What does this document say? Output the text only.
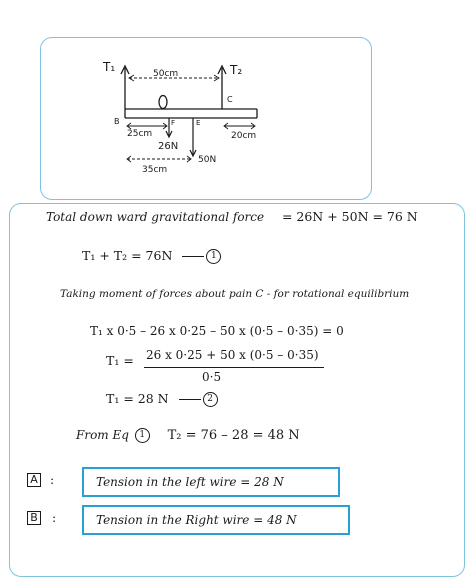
T₁	T₂
50cm
C
B	F	E
25cm	20cm
26N
50N
35cm
Total down ward gravitational force = 26N + 50N = 76 N
T₁ + T₂ = 76N	1
Taking moment of forces about pain C - for rotational equilibrium
T₁ x 0·5 – 26 x 0·25 – 50 x (0·5 – 0·35) = 0
T₁ = 26 x 0·25 + 50 x (0·5 – 0·35)
0·5
T₁ = 28 N	2
From Eq 1 T₂ = 76 – 28 = 48 N
A :	Tension in the left wire = 28 N
B :	Tension in the Right wire = 48 N
